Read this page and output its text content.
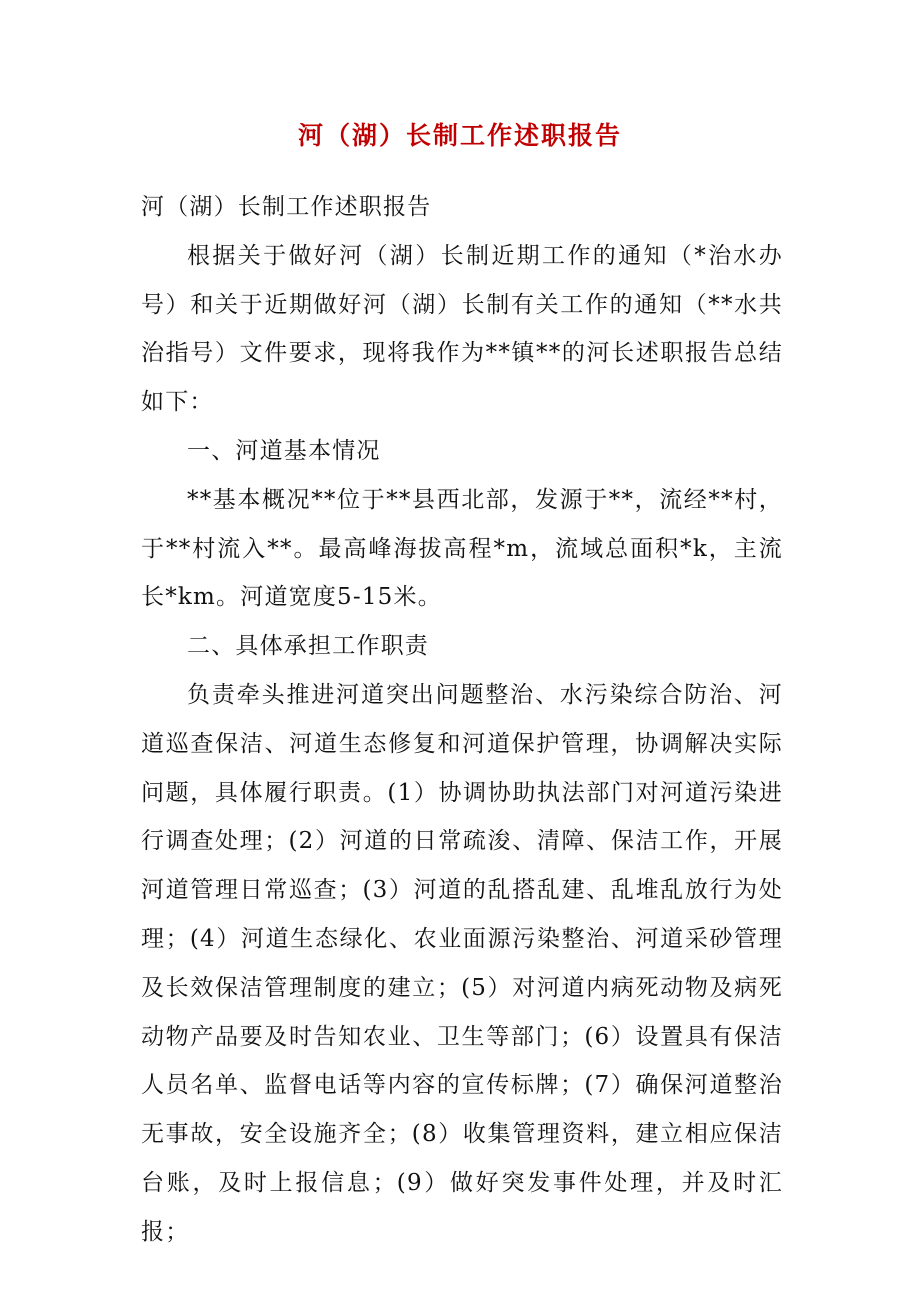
河（湖）长制工作述职报告

河（湖）长制工作述职报告

根据关于做好河（湖）长制近期工作的通知（*治水办号）和关于近期做好河（湖）长制有关工作的通知（**水共治指号）文件要求，现将我作为**镇**的河长述职报告总结如下：

一、河道基本情况

**基本概况**位于**县西北部，发源于**，流经**村，于**村流入**。最高峰海拔高程*m，流域总面积*k，主流长*km。河道宽度5-15米。

二、具体承担工作职责

负责牵头推进河道突出问题整治、水污染综合防治、河道巡查保洁、河道生态修复和河道保护管理，协调解决实际问题，具体履行职责。(1）协调协助执法部门对河道污染进行调查处理；(2）河道的日常疏浚、清障、保洁工作，开展河道管理日常巡查；(3）河道的乱搭乱建、乱堆乱放行为处理；(4）河道生态绿化、农业面源污染整治、河道采砂管理及长效保洁管理制度的建立；(5）对河道内病死动物及病死动物产品要及时告知农业、卫生等部门；(6）设置具有保洁人员名单、监督电话等内容的宣传标牌；(7）确保河道整治无事故，安全设施齐全；(8）收集管理资料，建立相应保洁台账，及时上报信息；(9）做好突发事件处理，并及时汇报；
